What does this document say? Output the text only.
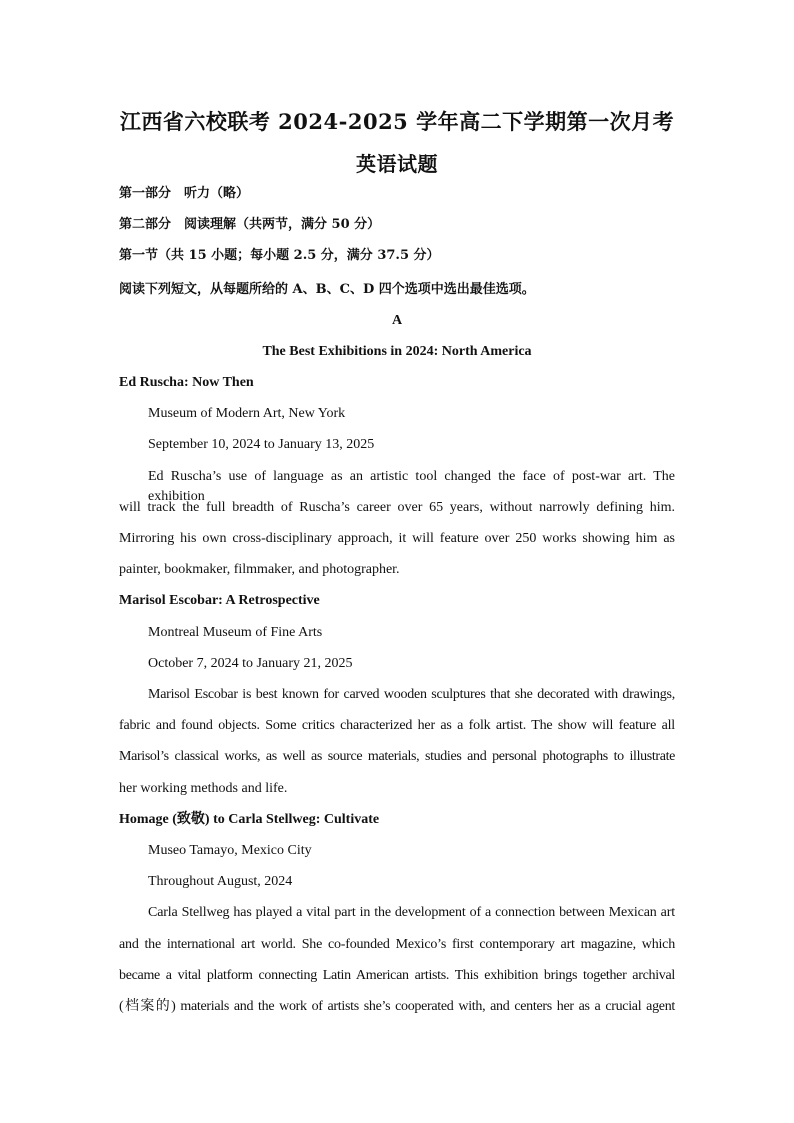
江西省六校联考 2024-2025 学年高二下学期第一次月考
英语试题
第一部分　听力（略）
第二部分　阅读理解（共两节，满分 50 分）
第一节（共 15 小题；每小题 2.5 分，满分 37.5 分）
阅读下列短文，从每题所给的 A、B、C、D 四个选项中选出最佳选项。
A
The Best Exhibitions in 2024: North America
Ed Ruscha: Now Then
Museum of Modern Art, New York
September 10, 2024 to January 13, 2025
Ed Ruscha’s use of language as an artistic tool changed the face of post-war art. The exhibition
will track the full breadth of Ruscha’s career over 65 years, without narrowly defining him.
Mirroring his own cross-disciplinary approach, it will feature over 250 works showing him as
painter, bookmaker, filmmaker, and photographer.
Marisol Escobar: A Retrospective
Montreal Museum of Fine Arts
October 7, 2024 to January 21, 2025
Marisol Escobar is best known for carved wooden sculptures that she decorated with drawings,
fabric and found objects. Some critics characterized her as a folk artist. The show will feature all
Marisol’s classical works, as well as source materials, studies and personal photographs to illustrate
her working methods and life.
Homage (致敬) to Carla Stellweg: Cultivate
Museo Tamayo, Mexico City
Throughout August, 2024
Carla Stellweg has played a vital part in the development of a connection between Mexican art
and the international art world. She co-founded Mexico’s first contemporary art magazine, which
became a vital platform connecting Latin American artists. This exhibition brings together archival
(档案的) materials and the work of artists she’s cooperated with, and centers her as a crucial agent
